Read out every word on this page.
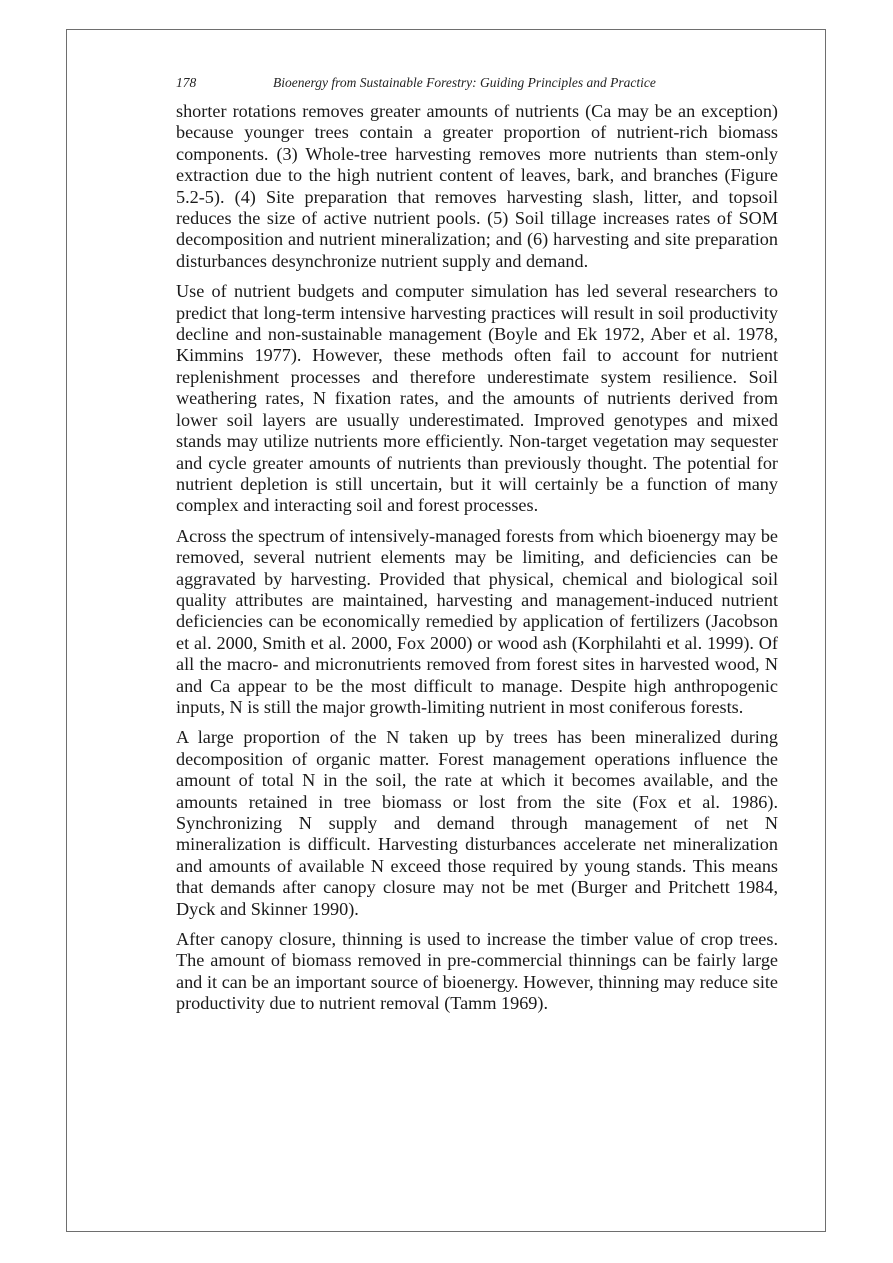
178	Bioenergy from Sustainable Forestry: Guiding Principles and Practice

shorter rotations removes greater amounts of nutrients (Ca may be an exception) because younger trees contain a greater proportion of nutrient-rich biomass components. (3) Whole-tree harvesting removes more nutrients than stem-only extraction due to the high nutrient content of leaves, bark, and branches (Figure 5.2-5). (4) Site preparation that removes harvesting slash, litter, and topsoil reduces the size of active nutrient pools. (5) Soil tillage increases rates of SOM decomposition and nutrient mineralization; and (6) harvesting and site preparation disturbances desynchronize nutrient supply and demand.

Use of nutrient budgets and computer simulation has led several researchers to predict that long-term intensive harvesting practices will result in soil productivity decline and non-sustainable management (Boyle and Ek 1972, Aber et al. 1978, Kimmins 1977). However, these methods often fail to account for nutrient replenishment processes and therefore underestimate system resilience. Soil weathering rates, N fixation rates, and the amounts of nutrients derived from lower soil layers are usually underestimated. Improved genotypes and mixed stands may utilize nutrients more efficiently. Non-target vegetation may sequester and cycle greater amounts of nutrients than previously thought. The potential for nutrient depletion is still uncertain, but it will certainly be a function of many complex and interacting soil and forest processes.

Across the spectrum of intensively-managed forests from which bioenergy may be removed, several nutrient elements may be limiting, and deficiencies can be aggravated by harvesting. Provided that physical, chemical and biological soil quality attributes are maintained, harvesting and management-induced nutrient deficiencies can be economically remedied by application of fertilizers (Jacobson et al. 2000, Smith et al. 2000, Fox 2000) or wood ash (Korphilahti et al. 1999). Of all the macro- and micronutrients removed from forest sites in harvested wood, N and Ca appear to be the most difficult to manage. Despite high anthropogenic inputs, N is still the major growth-limiting nutrient in most coniferous forests.

A large proportion of the N taken up by trees has been mineralized during decomposition of organic matter. Forest management operations influence the amount of total N in the soil, the rate at which it becomes available, and the amounts retained in tree biomass or lost from the site (Fox et al. 1986). Synchronizing N supply and demand through management of net N mineralization is difficult. Harvesting disturbances accelerate net mineralization and amounts of available N exceed those required by young stands. This means that demands after canopy closure may not be met (Burger and Pritchett 1984, Dyck and Skinner 1990).

After canopy closure, thinning is used to increase the timber value of crop trees. The amount of biomass removed in pre-commercial thinnings can be fairly large and it can be an important source of bioenergy. However, thinning may reduce site productivity due to nutrient removal (Tamm 1969).
